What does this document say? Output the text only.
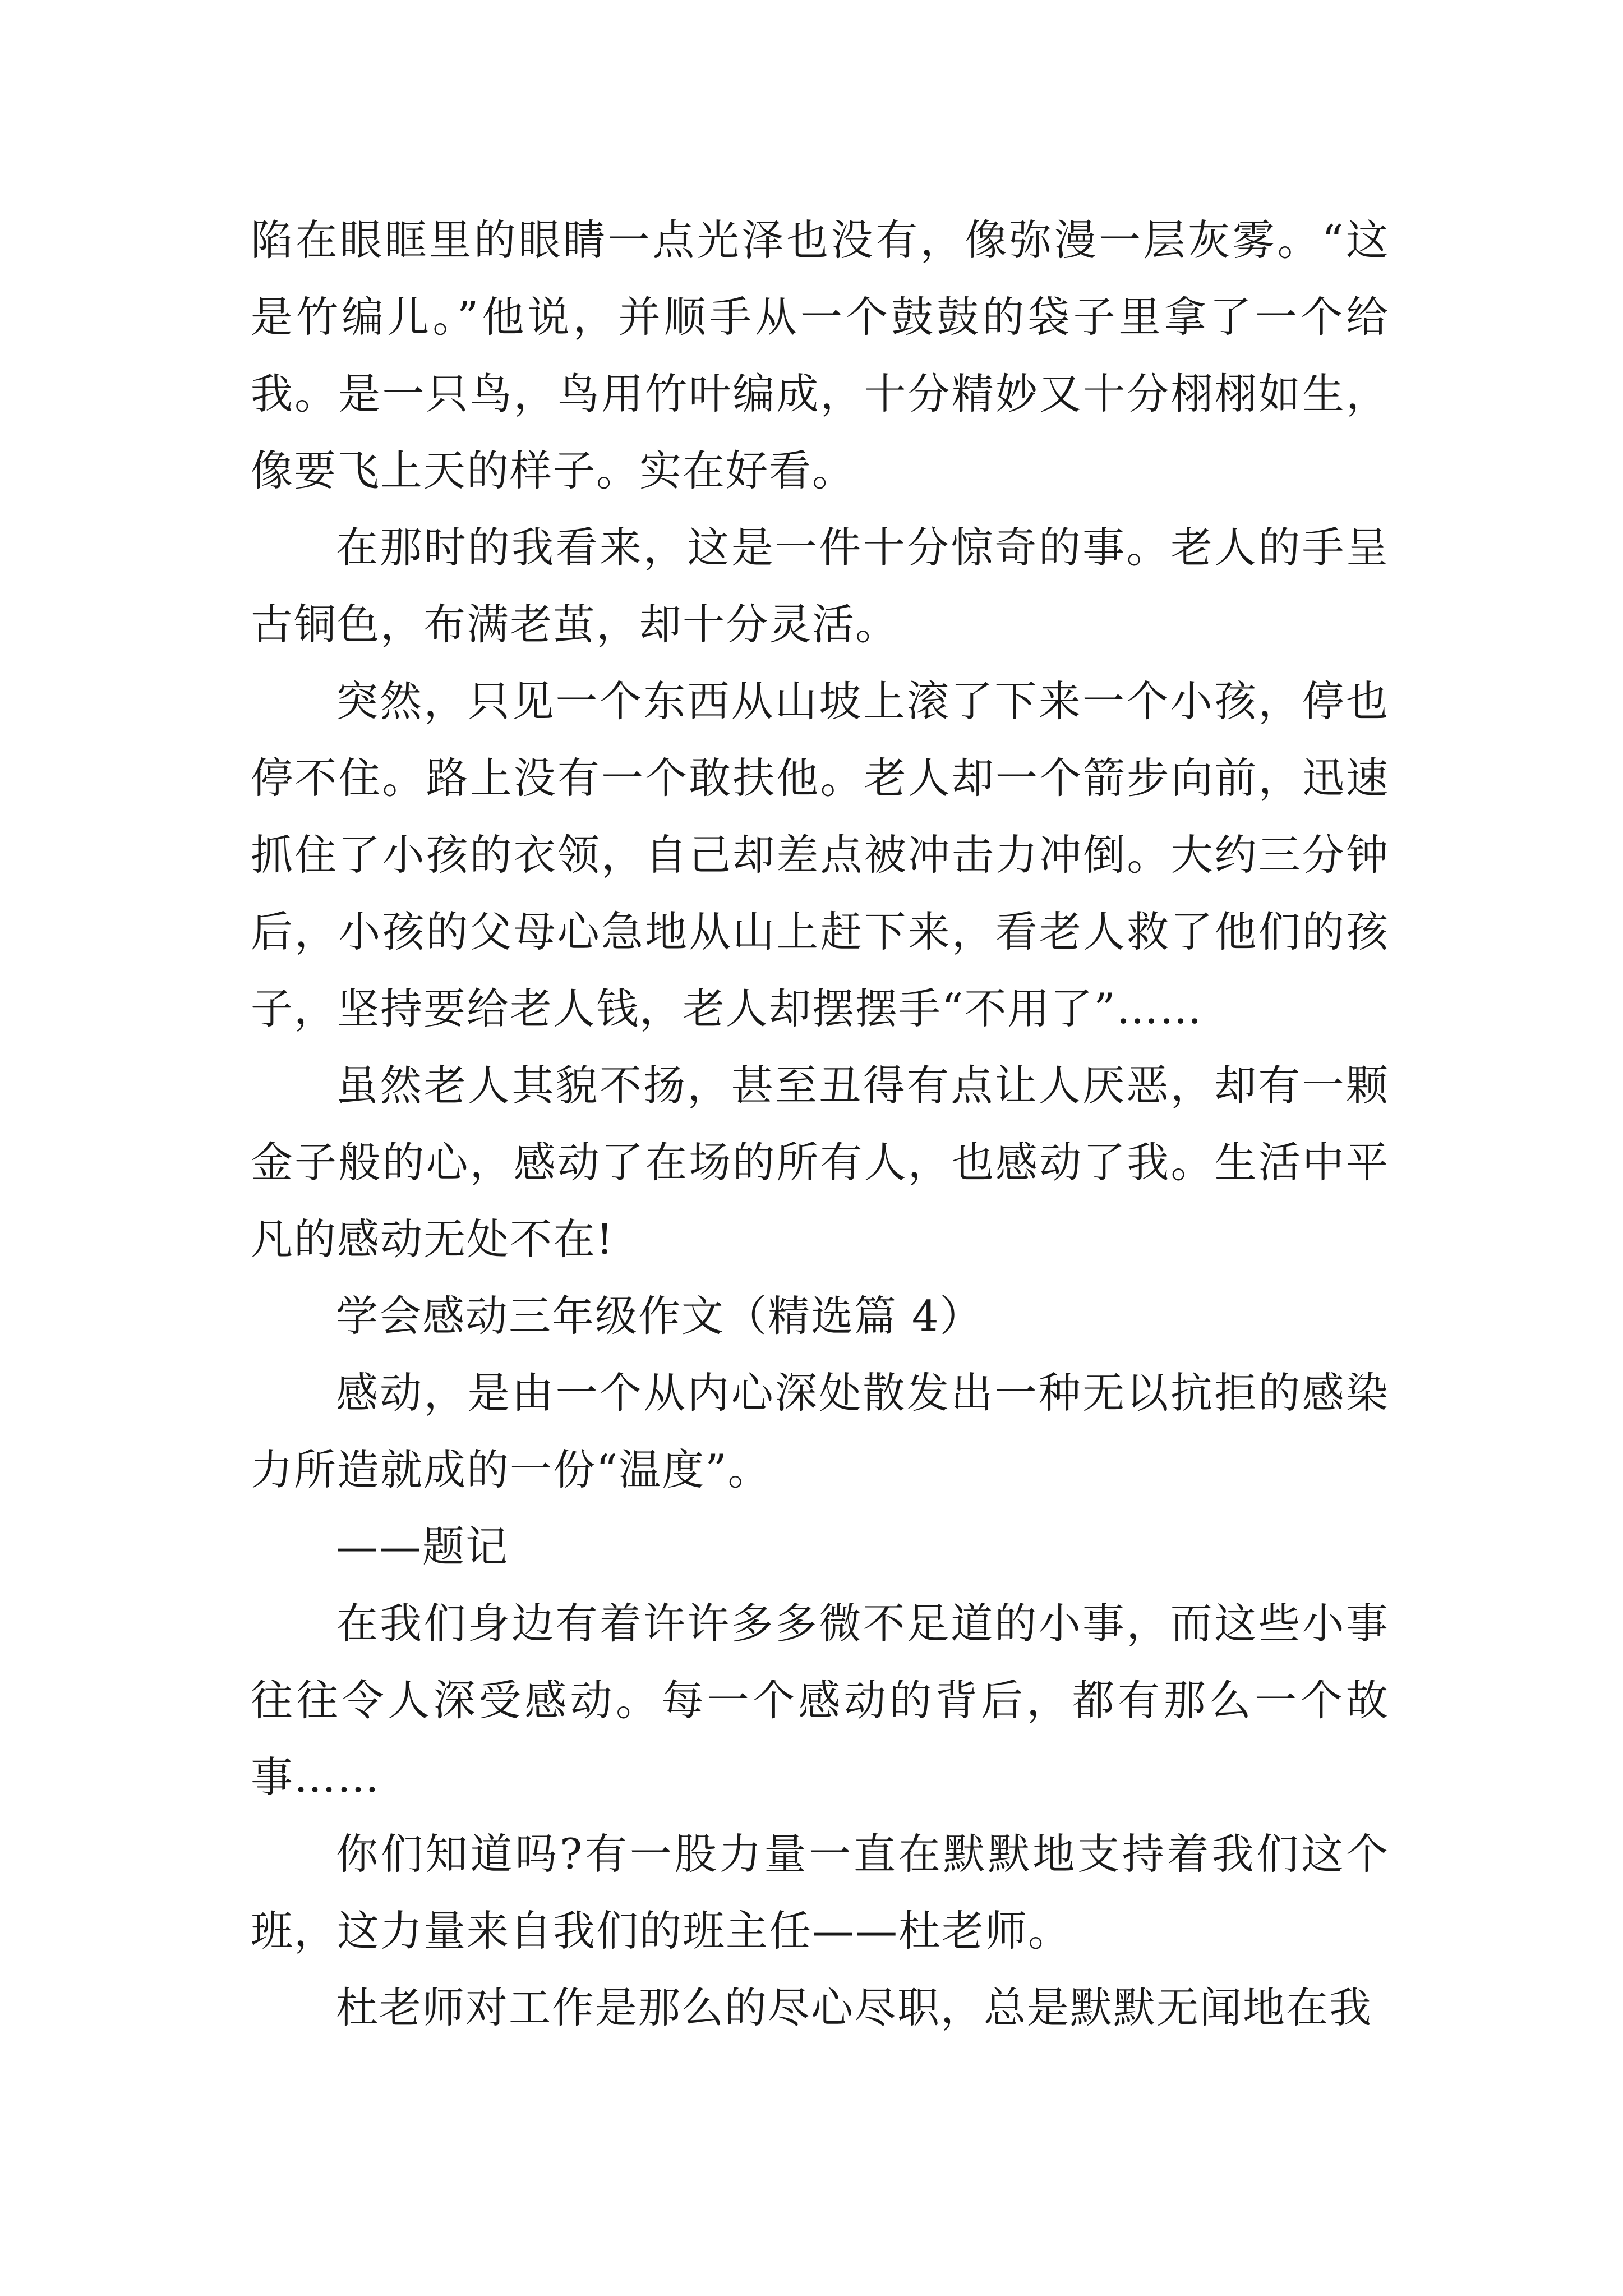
陷在眼眶里的眼睛一点光泽也没有，像弥漫一层灰雾。“这是竹编儿。”他说，并顺手从一个鼓鼓的袋子里拿了一个给我。是一只鸟，鸟用竹叶编成，十分精妙又十分栩栩如生，像要飞上天的样子。实在好看。

在那时的我看来，这是一件十分惊奇的事。老人的手呈古铜色，布满老茧，却十分灵活。

突然，只见一个东西从山坡上滚了下来一个小孩，停也停不住。路上没有一个敢扶他。老人却一个箭步向前，迅速抓住了小孩的衣领，自己却差点被冲击力冲倒。大约三分钟后，小孩的父母心急地从山上赶下来，看老人救了他们的孩子，坚持要给老人钱，老人却摆摆手“不用了”……

虽然老人其貌不扬，甚至丑得有点让人厌恶，却有一颗金子般的心，感动了在场的所有人，也感动了我。生活中平凡的感动无处不在!

学会感动三年级作文（精选篇 4）

感动，是由一个从内心深处散发出一种无以抗拒的感染力所造就成的一份“温度”。

——题记

在我们身边有着许许多多微不足道的小事，而这些小事往往令人深受感动。每一个感动的背后，都有那么一个故事……

你们知道吗?有一股力量一直在默默地支持着我们这个班，这力量来自我们的班主任——杜老师。

杜老师对工作是那么的尽心尽职，总是默默无闻地在我
